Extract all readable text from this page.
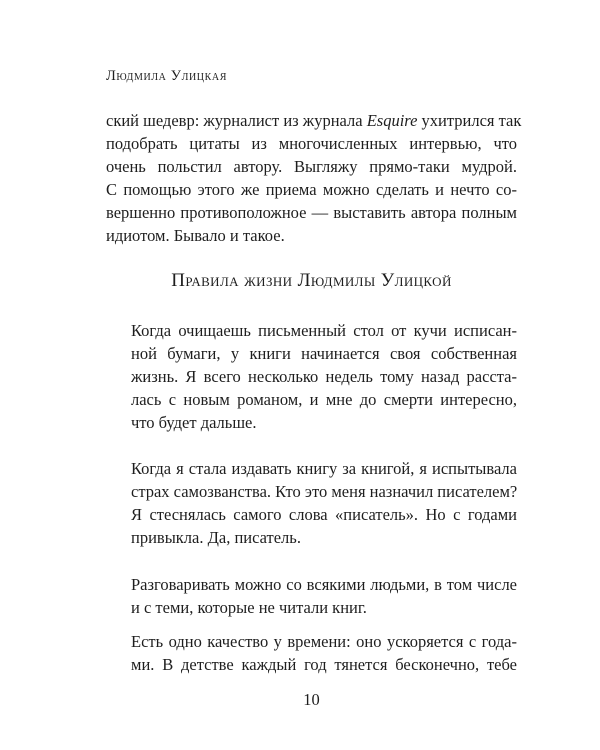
Людмила Улицкая
ский шедевр: журналист из журнала Esquire ухитрился так
подобрать цитаты из многочисленных интервью, что
очень польстил автору. Выгляжу прямо-таки мудрой.
С помощью этого же приема можно сделать и нечто со-
вершенно противоположное — выставить автора полным
идиотом. Бывало и такое.
Правила жизни Людмилы Улицкой
Когда очищаешь письменный стол от кучи исписан-
ной бумаги, у книги начинается своя собственная
жизнь. Я всего несколько недель тому назад расста-
лась с новым романом, и мне до смерти интересно,
что будет дальше.
Когда я стала издавать книгу за книгой, я испытывала
страх самозванства. Кто это меня назначил писателем?
Я стеснялась самого слова «писатель». Но с годами
привыкла. Да, писатель.
Разговаривать можно со всякими людьми, в том числе
и с теми, которые не читали книг.
Есть одно качество у времени: оно ускоряется с года-
ми. В детстве каждый год тянется бесконечно, тебе
10
